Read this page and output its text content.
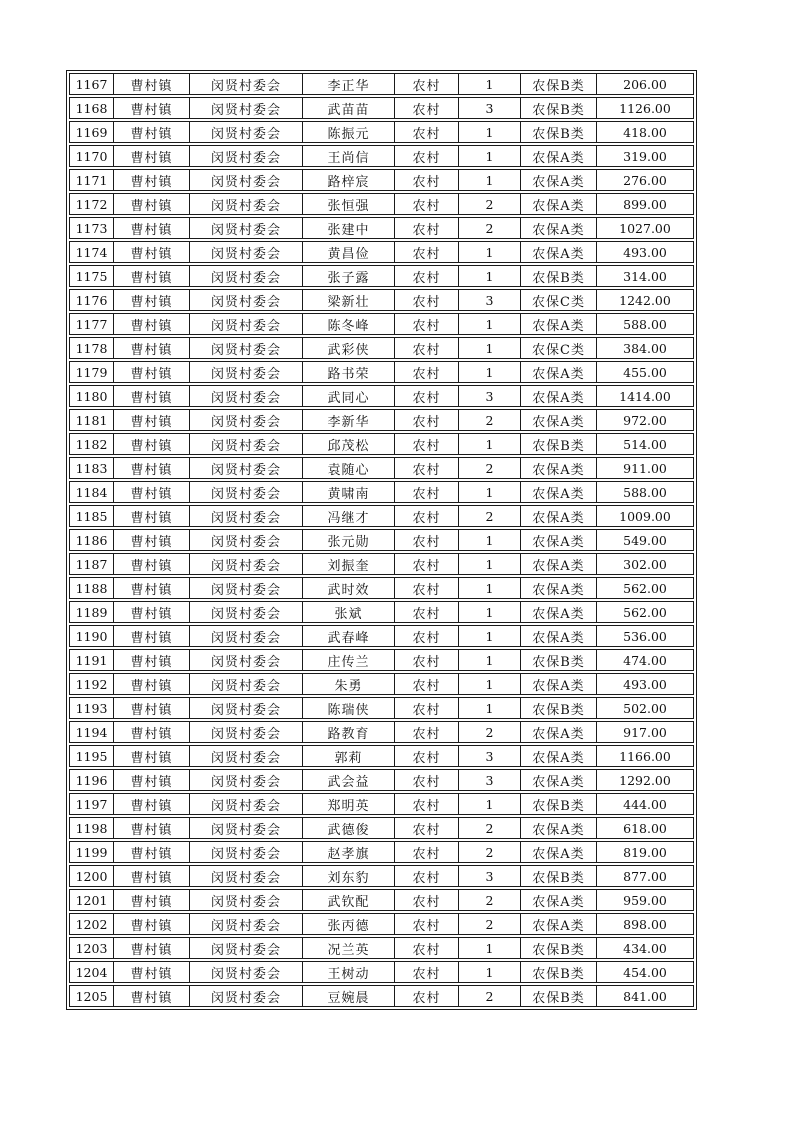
1167	曹村镇	闵贤村委会	李正华	农村	1	农保B类	206.00
1168	曹村镇	闵贤村委会	武苗苗	农村	3	农保B类	1126.00
1169	曹村镇	闵贤村委会	陈振元	农村	1	农保B类	418.00
1170	曹村镇	闵贤村委会	王尚信	农村	1	农保A类	319.00
1171	曹村镇	闵贤村委会	路梓宸	农村	1	农保A类	276.00
1172	曹村镇	闵贤村委会	张恒强	农村	2	农保A类	899.00
1173	曹村镇	闵贤村委会	张建中	农村	2	农保A类	1027.00
1174	曹村镇	闵贤村委会	黄昌俭	农村	1	农保A类	493.00
1175	曹村镇	闵贤村委会	张子露	农村	1	农保B类	314.00
1176	曹村镇	闵贤村委会	梁新壮	农村	3	农保C类	1242.00
1177	曹村镇	闵贤村委会	陈冬峰	农村	1	农保A类	588.00
1178	曹村镇	闵贤村委会	武彩侠	农村	1	农保C类	384.00
1179	曹村镇	闵贤村委会	路书荣	农村	1	农保A类	455.00
1180	曹村镇	闵贤村委会	武同心	农村	3	农保A类	1414.00
1181	曹村镇	闵贤村委会	李新华	农村	2	农保A类	972.00
1182	曹村镇	闵贤村委会	邱茂松	农村	1	农保B类	514.00
1183	曹村镇	闵贤村委会	袁随心	农村	2	农保A类	911.00
1184	曹村镇	闵贤村委会	黄啸南	农村	1	农保A类	588.00
1185	曹村镇	闵贤村委会	冯继才	农村	2	农保A类	1009.00
1186	曹村镇	闵贤村委会	张元勋	农村	1	农保A类	549.00
1187	曹村镇	闵贤村委会	刘振奎	农村	1	农保A类	302.00
1188	曹村镇	闵贤村委会	武时效	农村	1	农保A类	562.00
1189	曹村镇	闵贤村委会	张斌	农村	1	农保A类	562.00
1190	曹村镇	闵贤村委会	武春峰	农村	1	农保A类	536.00
1191	曹村镇	闵贤村委会	庄传兰	农村	1	农保B类	474.00
1192	曹村镇	闵贤村委会	朱勇	农村	1	农保A类	493.00
1193	曹村镇	闵贤村委会	陈瑞侠	农村	1	农保B类	502.00
1194	曹村镇	闵贤村委会	路教育	农村	2	农保A类	917.00
1195	曹村镇	闵贤村委会	郭莉	农村	3	农保A类	1166.00
1196	曹村镇	闵贤村委会	武会益	农村	3	农保A类	1292.00
1197	曹村镇	闵贤村委会	郑明英	农村	1	农保B类	444.00
1198	曹村镇	闵贤村委会	武德俊	农村	2	农保A类	618.00
1199	曹村镇	闵贤村委会	赵孝旗	农村	2	农保A类	819.00
1200	曹村镇	闵贤村委会	刘东豹	农村	3	农保B类	877.00
1201	曹村镇	闵贤村委会	武钦配	农村	2	农保A类	959.00
1202	曹村镇	闵贤村委会	张丙德	农村	2	农保A类	898.00
1203	曹村镇	闵贤村委会	况兰英	农村	1	农保B类	434.00
1204	曹村镇	闵贤村委会	王树动	农村	1	农保B类	454.00
1205	曹村镇	闵贤村委会	豆婉晨	农村	2	农保B类	841.00
